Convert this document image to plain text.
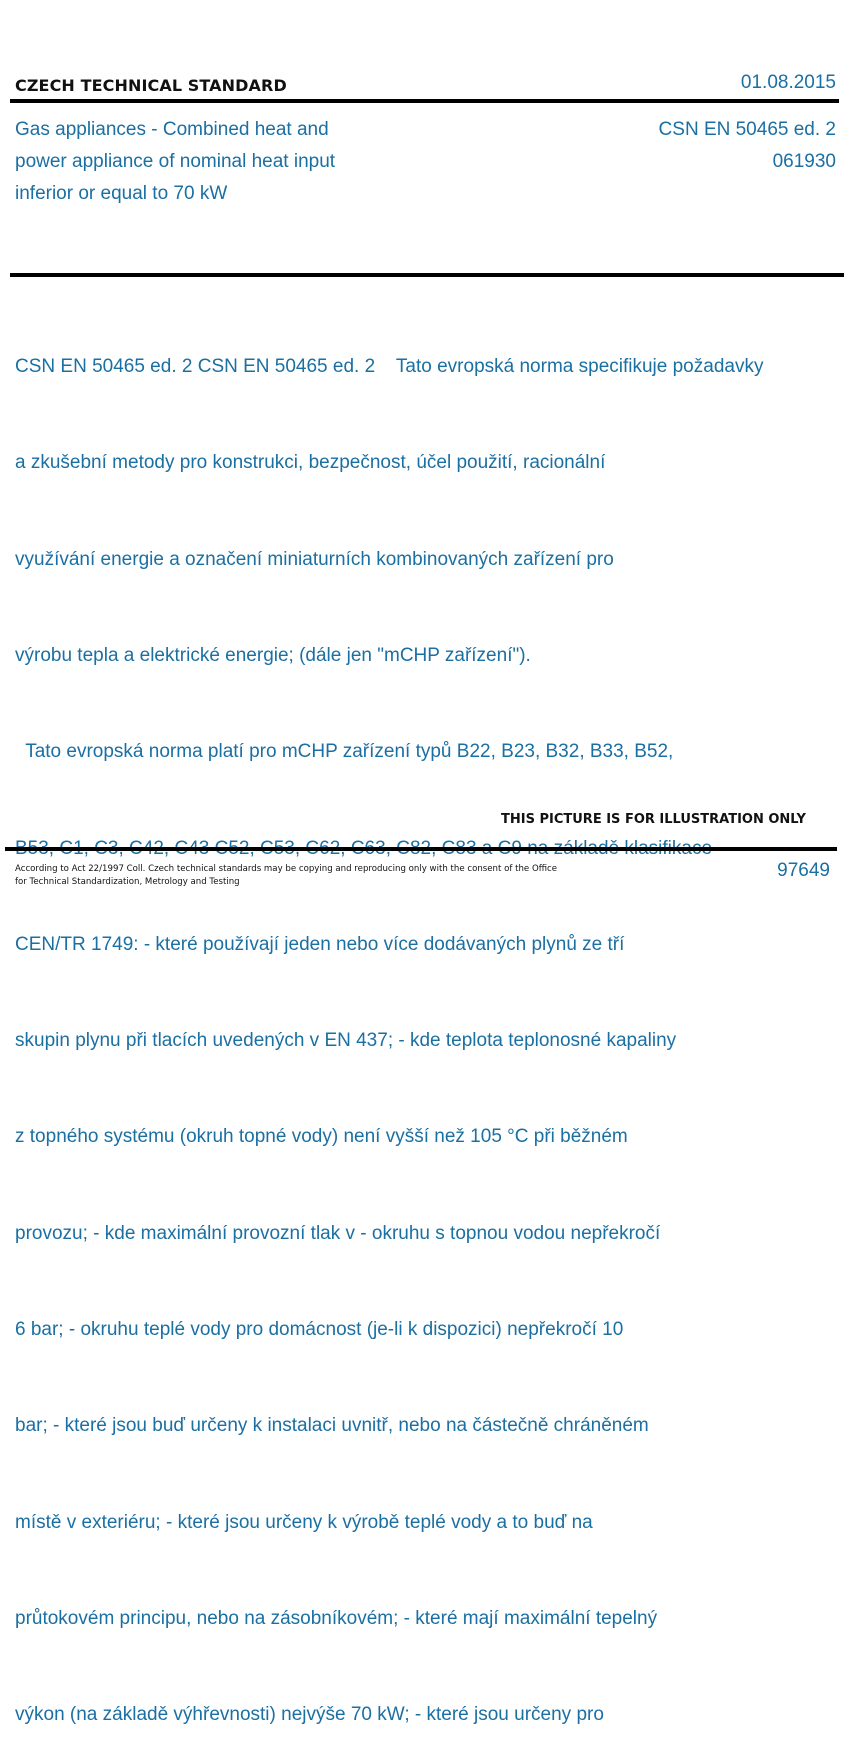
CZECH TECHNICAL STANDARD	01.08.2015
Gas appliances - Combined heat and
power appliance of nominal heat input
inferior or equal to 70 kW
CSN EN 50465 ed. 2
061930

CSN EN 50465 ed. 2 CSN EN 50465 ed. 2    Tato evropská norma specifikuje požadavky

a zkušební metody pro konstrukci, bezpečnost, účel použití, racionální

využívání energie a označení miniaturních kombinovaných zařízení pro

výrobu tepla a elektrické energie; (dále jen "mCHP zařízení").

Tato evropská norma platí pro mCHP zařízení typů B22, B23, B32, B33, B52,

CEN/TR 1749: - které používají jeden nebo více dodávaných plynů ze tří

skupin plynu při tlacích uvedených v EN 437; - kde teplota teplonosné kapaliny

z topného systému (okruh topné vody) není vyšší než 105 °C při běžném

provozu; - kde maximální provozní tlak v - okruhu s topnou vodou nepřekročí

6 bar; - okruhu teplé vody pro domácnost (je-li k dispozici) nepřekročí 10

bar; - které jsou buď určeny k instalaci uvnitř, nebo na částečně chráněném

místě v exteriéru; - které jsou určeny k výrobě teplé vody a to buď na

průtokovém principu, nebo na zásobníkovém; - které mají maximální tepelný

výkon (na základě výhřevnosti) nejvýše 70 kW; - které jsou určeny pro

THIS PICTURE IS FOR ILLUSTRATION ONLY
According to Act 22/1997 Coll. Czech technical standards may be copying and reproducing only with the consent of the Office
for Technical Standardization, Metrology and Testing
97649
